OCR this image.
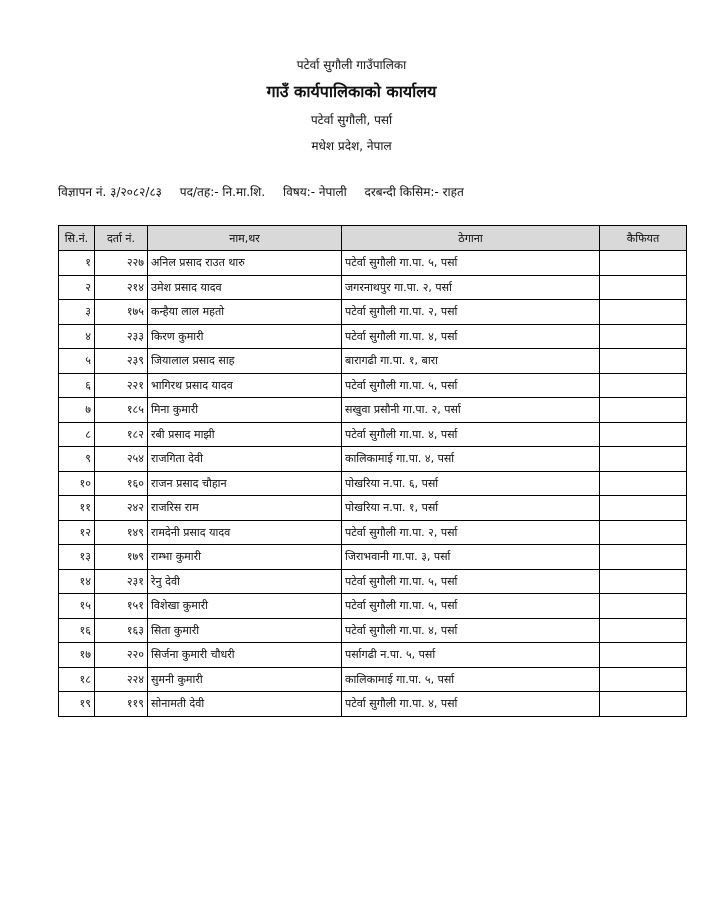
पटेर्वा सुगौली गाउँपालिका
गाउँ कार्यपालिकाको कार्यालय
पटेर्वा सुगौली, पर्सा
मधेश प्रदेश, नेपाल
विज्ञापन नं. ३/२०८२/८३ पद/तह:- नि.मा.शि. विषय:- नेपाली दरबन्दी किसिम:- राहत
सि.नं.	दर्ता नं.	नाम,थर	ठेगाना	कैफियत
१	२२७	अनिल प्रसाद राउत थारु	पटेर्वा सुगौली गा.पा. ५, पर्सा	
२	२१४	उमेश प्रसाद यादव	जगरनाथपुर गा.पा. २, पर्सा	
३	१७५	कन्हैया लाल महतो	पटेर्वा सुगौली गा.पा. २, पर्सा	
४	२३३	किरण कुमारी	पटेर्वा सुगौली गा.पा. ४, पर्सा	
५	२३९	जियालाल प्रसाद साह	बारागढी गा.पा. १, बारा	
६	२२१	भागिरथ प्रसाद यादव	पटेर्वा सुगौली गा.पा. ५, पर्सा	
७	१८५	मिना कुमारी	सखुवा प्रसौनी गा.पा. २, पर्सा	
८	१८२	रबी प्रसाद माझी	पटेर्वा सुगौली गा.पा. ४, पर्सा	
९	२५४	राजगिता देवी	कालिकामाई गा.पा. ४, पर्सा	
१०	१६०	राजन प्रसाद चौहान	पोखरिया न.पा. ६, पर्सा	
११	२४२	राजरिस राम	पोखरिया न.पा. १, पर्सा	
१२	१४९	रामदेनी प्रसाद यादव	पटेर्वा सुगौली गा.पा. २, पर्सा	
१३	१७९	राम्भा कुमारी	जिराभवानी गा.पा. ३, पर्सा	
१४	२३१	रेनु देवी	पटेर्वा सुगौली गा.पा. ५, पर्सा	
१५	१५१	विशेखा कुमारी	पटेर्वा सुगौली गा.पा. ५, पर्सा	
१६	१६३	सिता कुमारी	पटेर्वा सुगौली गा.पा. ४, पर्सा	
१७	२२०	सिर्जना कुमारी चौधरी	पर्सागढी न.पा. ५, पर्सा	
१८	२२४	सुमनी कुमारी	कालिकामाई गा.पा. ५, पर्सा	
१९	११९	सोनामती देवी	पटेर्वा सुगौली गा.पा. ४, पर्सा	
